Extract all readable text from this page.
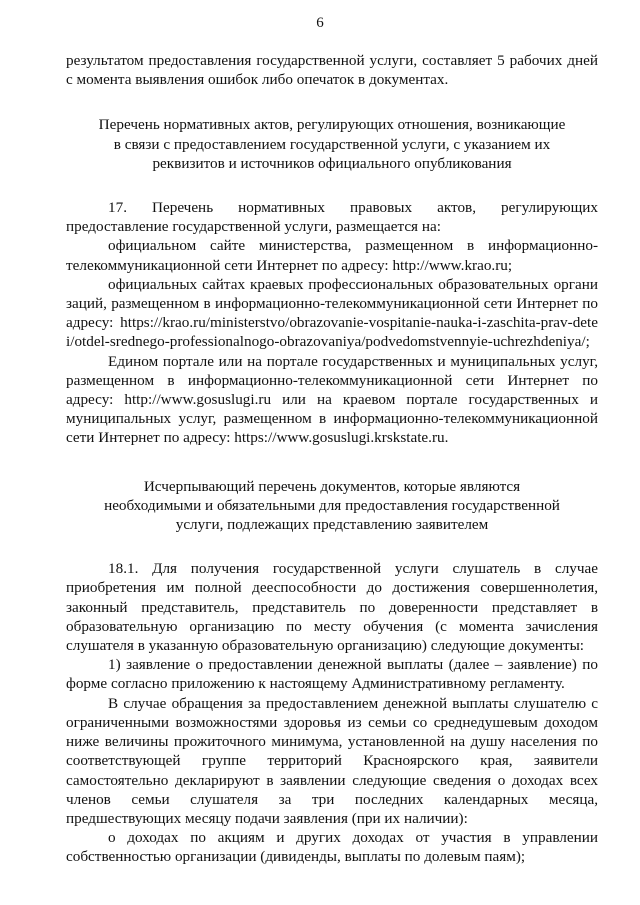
6

результатом предоставления государственной услуги, составляет 5 рабочих дней с момента выявления ошибок либо опечаток в документах.

Перечень нормативных актов, регулирующих отношения, возникающие в связи с предоставлением государственной услуги, с указанием их реквизитов и источников официального опубликования

17. Перечень нормативных правовых актов, регулирующих предоставление государственной услуги, размещается на:

официальном сайте министерства, размещенном в информационно-телекоммуникационной сети Интернет по адресу: http://www.krao.ru;

официальных сайтах краевых профессиональных образовательных организаций, размещенном в информационно-телекоммуникационной сети Интернет по адресу: https://krao.ru/ministerstvo/obrazovanie-vospitanie-nauka-i-zaschita-prav-detei/otdel-srednego-professionalnogo-obrazovaniya/podvedomstvennyie-uchrezhdeniya/;

Едином портале или на портале государственных и муниципальных услуг, размещенном в информационно-телекоммуникационной сети Интернет по адресу: http://www.gosuslugi.ru или на краевом портале государственных и муниципальных услуг, размещенном в информационно-телекоммуникационной сети Интернет по адресу: https://www.gosuslugi.krskstate.ru.

Исчерпывающий перечень документов, которые являются необходимыми и обязательными для предоставления государственной услуги, подлежащих представлению заявителем

18.1. Для получения государственной услуги слушатель в случае приобретения им полной дееспособности до достижения совершеннолетия, законный представитель, представитель по доверенности представляет в образовательную организацию по месту обучения (с момента зачисления слушателя в указанную образовательную организацию) следующие документы:

1) заявление о предоставлении денежной выплаты (далее – заявление) по форме согласно приложению к настоящему Административному регламенту.

В случае обращения за предоставлением денежной выплаты слушателю с ограниченными возможностями здоровья из семьи со среднедушевым доходом ниже величины прожиточного минимума, установленной на душу населения по соответствующей группе территорий Красноярского края, заявители самостоятельно декларируют в заявлении следующие сведения о доходах всех членов семьи слушателя за три последних календарных месяца, предшествующих месяцу подачи заявления (при их наличии):

о доходах по акциям и других доходах от участия в управлении собственностью организации (дивиденды, выплаты по долевым паям);
